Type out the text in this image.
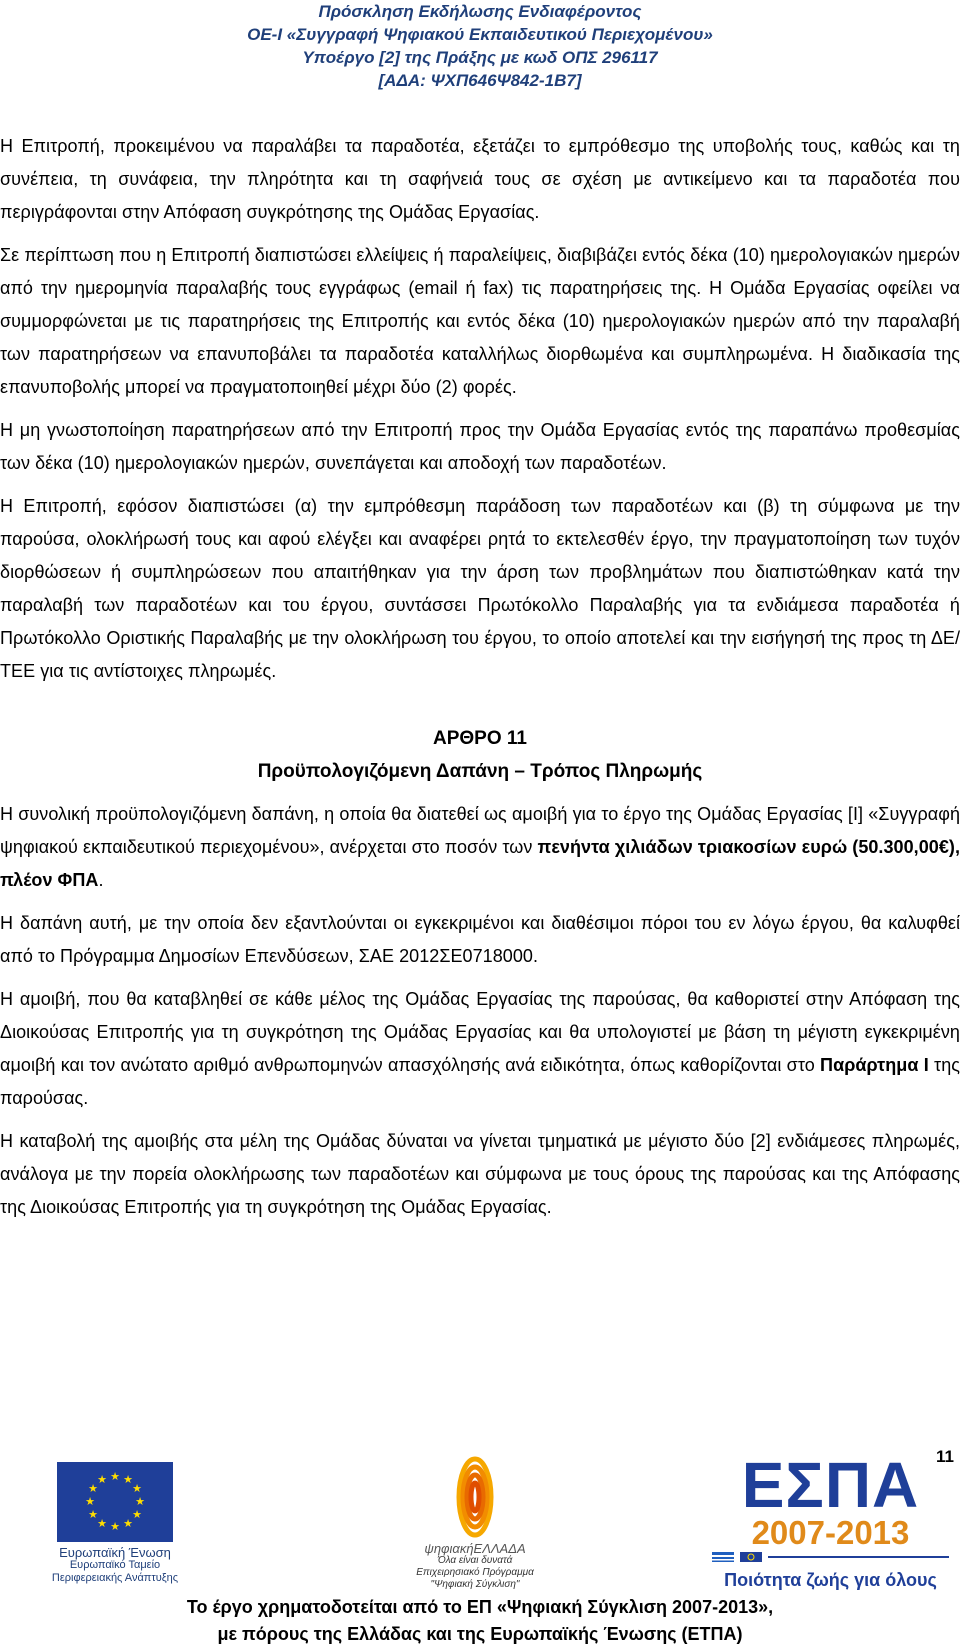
Πρόσκληση Εκδήλωσης Ενδιαφέροντος
ΟΕ-Ι «Συγγραφή Ψηφιακού Εκπαιδευτικού Περιεχομένου»
Υποέργο [2] της Πράξης με κωδ ΟΠΣ 296117
[ΑΔΑ: ΨΧΠ646Ψ842-1Β7]

Η Επιτροπή, προκειμένου να παραλάβει τα παραδοτέα, εξετάζει το εμπρόθεσμο της υποβολής τους, καθώς και τη συνέπεια, τη συνάφεια, την πληρότητα και τη σαφήνειά τους σε σχέση με αντικείμενο και τα παραδοτέα που περιγράφονται στην Απόφαση συγκρότησης της Ομάδας Εργασίας.

Σε περίπτωση που η Επιτροπή διαπιστώσει ελλείψεις ή παραλείψεις, διαβιβάζει εντός δέκα (10) ημερολογιακών ημερών από την ημερομηνία παραλαβής τους εγγράφως (email ή fax) τις παρατηρήσεις της. Η Ομάδα Εργασίας οφείλει να συμμορφώνεται με τις παρατηρήσεις της Επιτροπής και εντός δέκα (10) ημερολογιακών ημερών από την παραλαβή των παρατηρήσεων να επανυποβάλει τα παραδοτέα καταλλήλως διορθωμένα και συμπληρωμένα. Η διαδικασία της επανυποβολής μπορεί να πραγματοποιηθεί μέχρι δύο (2) φορές.

Η μη γνωστοποίηση παρατηρήσεων από την Επιτροπή προς την Ομάδα Εργασίας εντός της παραπάνω προθεσμίας των δέκα (10) ημερολογιακών ημερών, συνεπάγεται και αποδοχή των παραδοτέων.

Η Επιτροπή, εφόσον διαπιστώσει (α) την εμπρόθεσμη παράδοση των παραδοτέων και (β) τη σύμφωνα με την παρούσα, ολοκλήρωσή τους και αφού ελέγξει και αναφέρει ρητά το εκτελεσθέν έργο, την πραγματοποίηση των τυχόν διορθώσεων ή συμπληρώσεων που απαιτήθηκαν για την άρση των προβλημάτων που διαπιστώθηκαν κατά την παραλαβή των παραδοτέων και του έργου, συντάσσει Πρωτόκολλο Παραλαβής για τα ενδιάμεσα παραδοτέα ή Πρωτόκολλο Οριστικής Παραλαβής με την ολοκλήρωση του έργου, το οποίο αποτελεί και την εισήγησή της προς τη ΔΕ/ΤΕΕ για τις αντίστοιχες πληρωμές.

ΑΡΘΡΟ 11
Προϋπολογιζόμενη Δαπάνη – Τρόπος Πληρωμής

Η συνολική προϋπολογιζόμενη δαπάνη, η οποία θα διατεθεί ως αμοιβή για το έργο της Ομάδας Εργασίας [Ι] «Συγγραφή ψηφιακού εκπαιδευτικού περιεχομένου», ανέρχεται στο ποσόν των πενήντα χιλιάδων τριακοσίων ευρώ (50.300,00€), πλέον ΦΠΑ.

Η δαπάνη αυτή, με την οποία δεν εξαντλούνται οι εγκεκριμένοι και διαθέσιμοι πόροι του εν λόγω έργου, θα καλυφθεί από το Πρόγραμμα Δημοσίων Επενδύσεων, ΣΑΕ 2012ΣΕ0718000.

Η αμοιβή, που θα καταβληθεί σε κάθε μέλος της Ομάδας Εργασίας της παρούσας, θα καθοριστεί στην Απόφαση της Διοικούσας Επιτροπής για τη συγκρότηση της Ομάδας Εργασίας και θα υπολογιστεί με βάση τη μέγιστη εγκεκριμένη αμοιβή και τον ανώτατο αριθμό ανθρωπομηνών απασχόλησής ανά ειδικότητα, όπως καθορίζονται στο Παράρτημα Ι της παρούσας.

Η καταβολή της αμοιβής στα μέλη της Ομάδας δύναται να γίνεται τμηματικά με μέγιστο δύο [2] ενδιάμεσες πληρωμές, ανάλογα με την πορεία ολοκλήρωσης των παραδοτέων και σύμφωνα με τους όρους της παρούσας και της Απόφασης της Διοικούσας Επιτροπής για τη συγκρότηση της Ομάδας Εργασίας.

11
★ ★
★
★
★
★
★
★
★
★
★
★
Ευρωπαϊκή Ένωση
Ευρωπαϊκό Ταμείο
Περιφερειακής Ανάπτυξης
ψηφιακήΕΛΛΑΔΑ
Όλα είναι δυνατά
Επιχειρησιακό Πρόγραμμα
"Ψηφιακή Σύγκλιση"
ΕΣΠΑ
2007-2013
Ποιότητα ζωής για όλους
Το έργο χρηματοδοτείται από το ΕΠ «Ψηφιακή Σύγκλιση 2007-2013»,
με πόρους της Ελλάδας και της Ευρωπαϊκής Ένωσης (ΕΤΠΑ)
